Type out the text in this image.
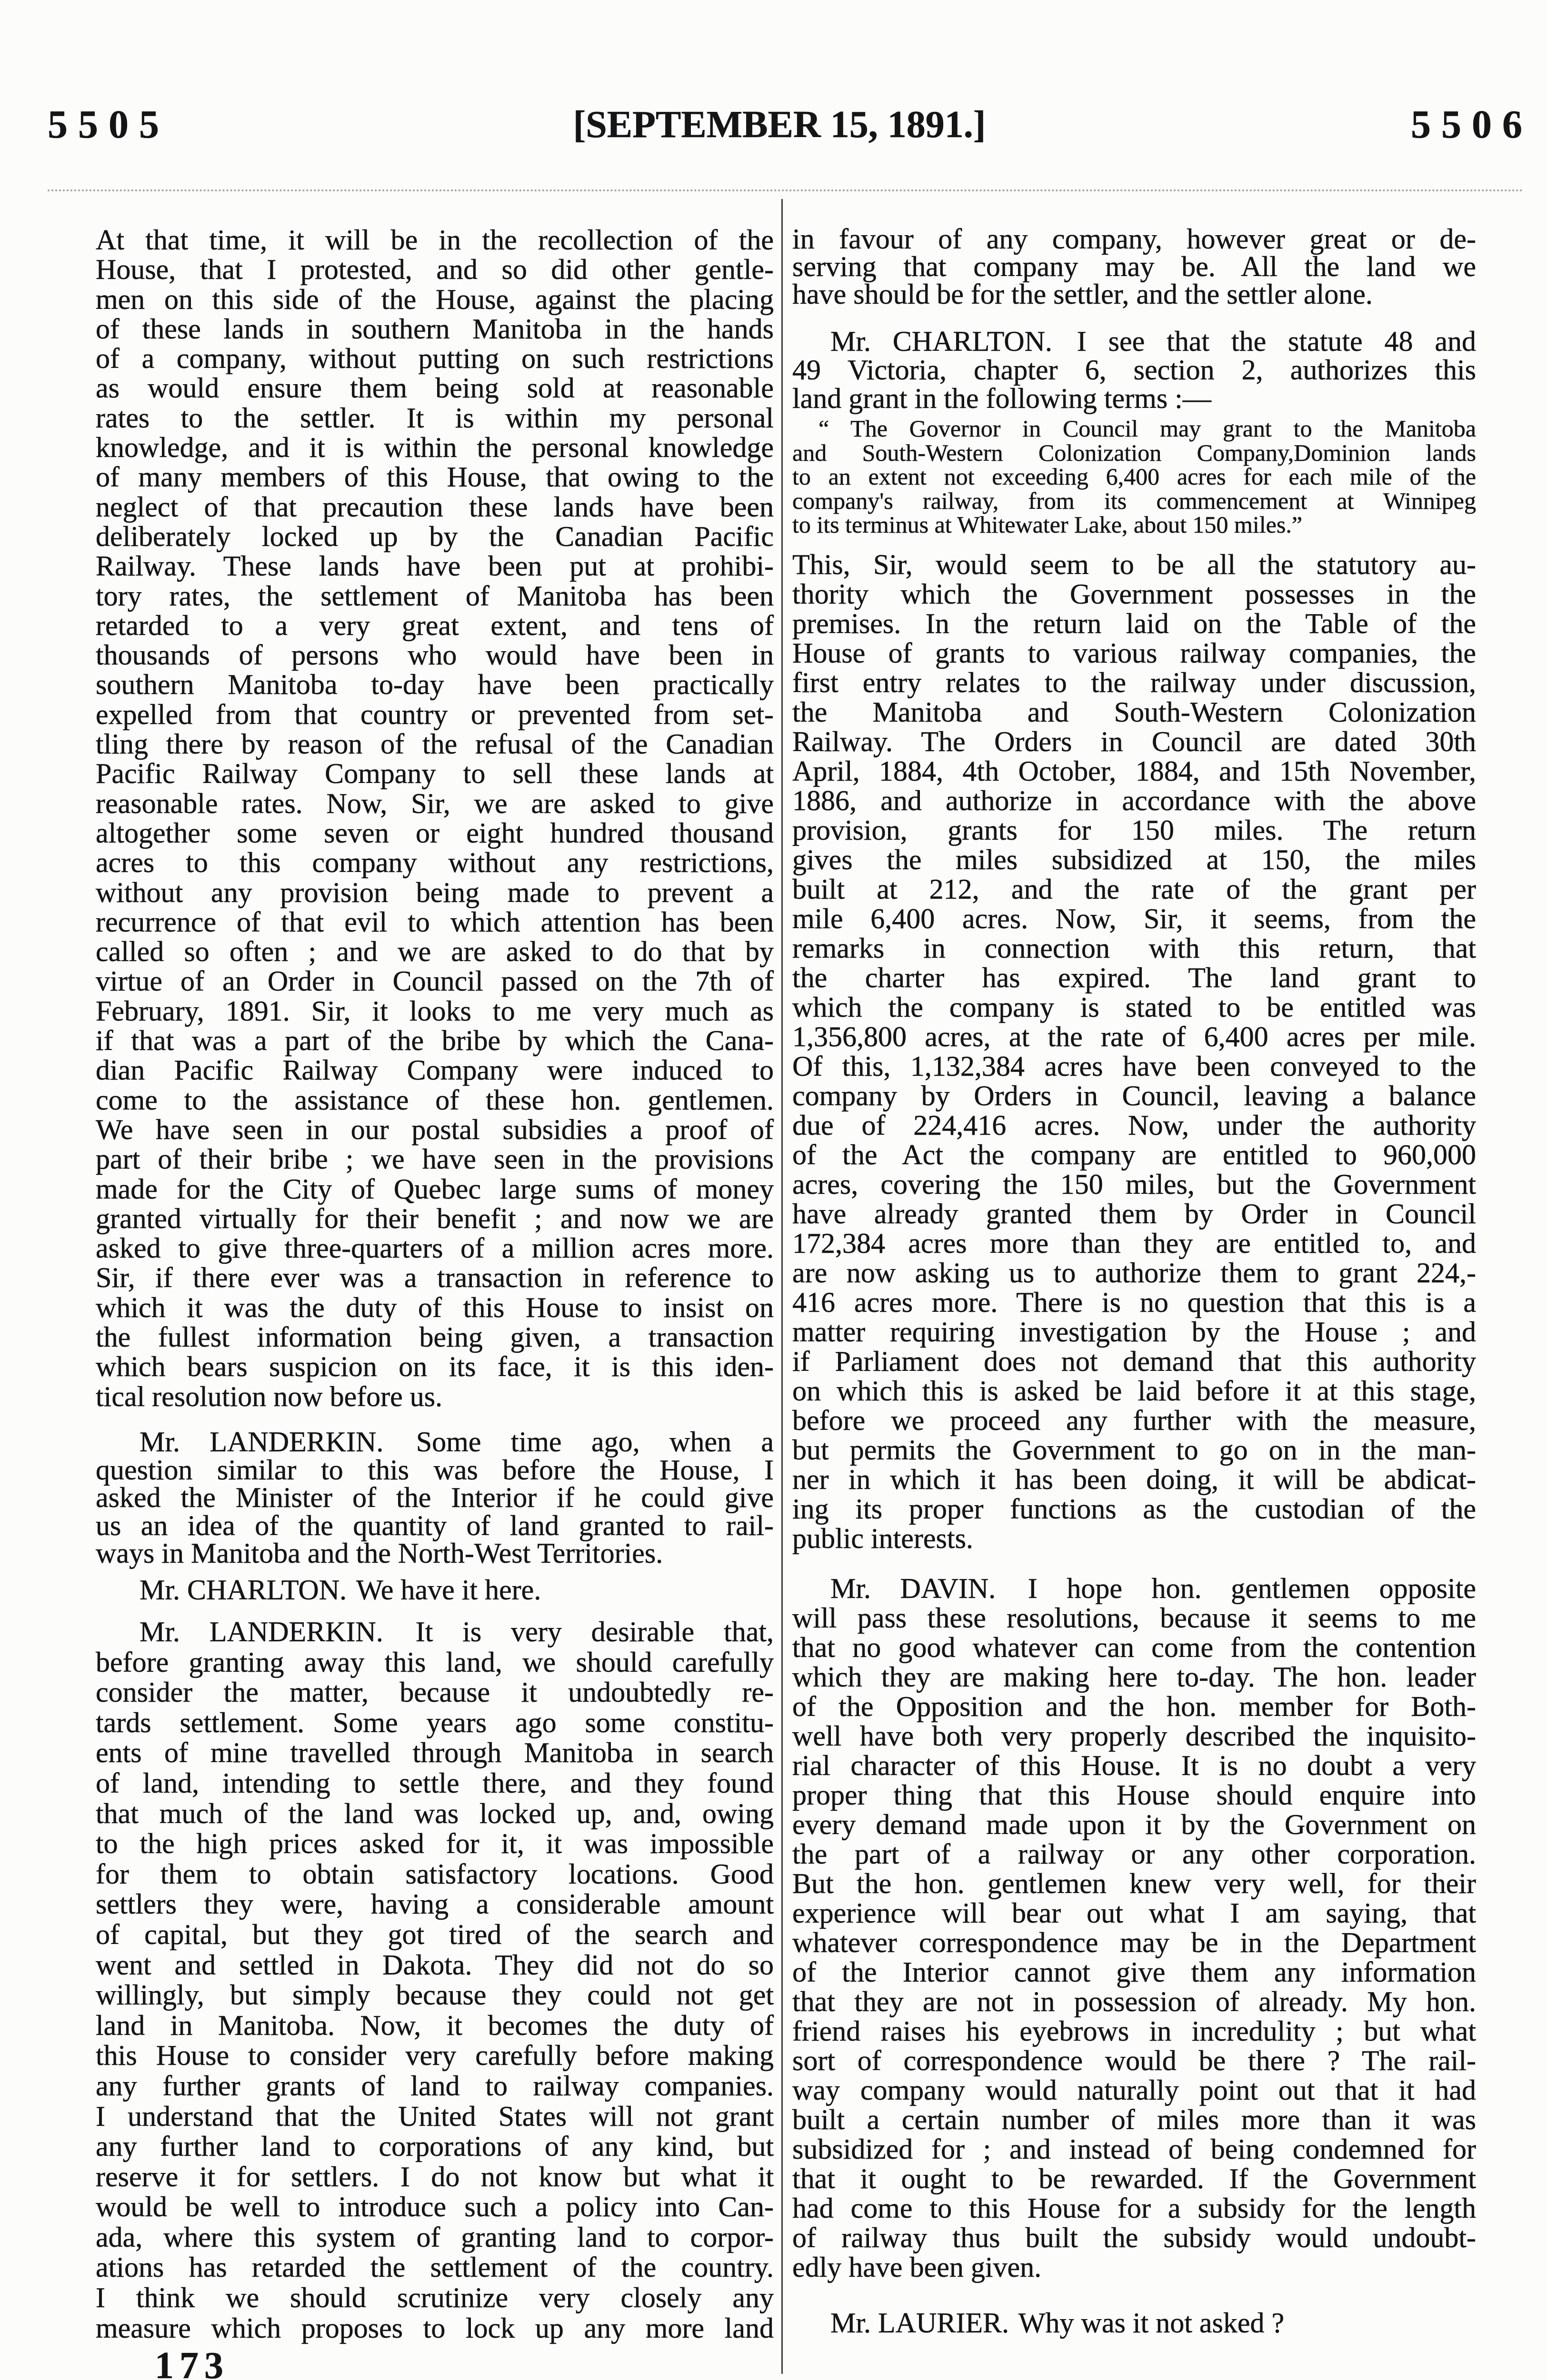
5505	[SEPTEMBER 15, 1891.]	5506
At that time, it will be in the recollection of the
House, that I protested, and so did other gentle-
men on this side of the House, against the placing
of these lands in southern Manitoba in the hands
of a company, without putting on such restrictions
as would ensure them being sold at reasonable
rates to the settler. It is within my personal
knowledge, and it is within the personal knowledge
of many members of this House, that owing to the
neglect of that precaution these lands have been
deliberately locked up by the Canadian Pacific
Railway. These lands have been put at prohibi-
tory rates, the settlement of Manitoba has been
retarded to a very great extent, and tens of
thousands of persons who would have been in
southern Manitoba to-day have been practically
expelled from that country or prevented from set-
tling there by reason of the refusal of the Canadian
Pacific Railway Company to sell these lands at
reasonable rates. Now, Sir, we are asked to give
altogether some seven or eight hundred thousand
acres to this company without any restrictions,
without any provision being made to prevent a
recurrence of that evil to which attention has been
called so often ; and we are asked to do that by
virtue of an Order in Council passed on the 7th of
February, 1891. Sir, it looks to me very much as
if that was a part of the bribe by which the Cana-
dian Pacific Railway Company were induced to
come to the assistance of these hon. gentlemen.
We have seen in our postal subsidies a proof of
part of their bribe ; we have seen in the provisions
made for the City of Quebec large sums of money
granted virtually for their benefit ; and now we are
asked to give three-quarters of a million acres more.
Sir, if there ever was a transaction in reference to
which it was the duty of this House to insist on
the fullest information being given, a transaction
which bears suspicion on its face, it is this iden-
tical resolution now before us.
Mr. LANDERKIN. Some time ago, when a
question similar to this was before the House, I
asked the Minister of the Interior if he could give
us an idea of the quantity of land granted to rail-
ways in Manitoba and the North-West Territories.
Mr. CHARLTON. We have it here.
Mr. LANDERKIN. It is very desirable that,
before granting away this land, we should carefully
consider the matter, because it undoubtedly re-
tards settlement. Some years ago some constitu-
ents of mine travelled through Manitoba in search
of land, intending to settle there, and they found
that much of the land was locked up, and, owing
to the high prices asked for it, it was impossible
for them to obtain satisfactory locations. Good
settlers they were, having a considerable amount
of capital, but they got tired of the search and
went and settled in Dakota. They did not do so
willingly, but simply because they could not get
land in Manitoba. Now, it becomes the duty of
this House to consider very carefully before making
any further grants of land to railway companies.
I understand that the United States will not grant
any further land to corporations of any kind, but
reserve it for settlers. I do not know but what it
would be well to introduce such a policy into Can-
ada, where this system of granting land to corpor-
ations has retarded the settlement of the country.
I think we should scrutinize very closely any
measure which proposes to lock up any more land
in favour of any company, however great or de-
serving that company may be. All the land we
have should be for the settler, and the settler alone.
Mr. CHARLTON. I see that the statute 48 and
49 Victoria, chapter 6, section 2, authorizes this
land grant in the following terms :—
“ The Governor in Council may grant to the Manitoba
and South-Western Colonization Company,Dominion lands
to an extent not exceeding 6,400 acres for each mile of the
company's railway, from its commencement at Winnipeg
to its terminus at Whitewater Lake, about 150 miles.”
This, Sir, would seem to be all the statutory au-
thority which the Government possesses in the
premises. In the return laid on the Table of the
House of grants to various railway companies, the
first entry relates to the railway under discussion,
the Manitoba and South-Western Colonization
Railway. The Orders in Council are dated 30th
April, 1884, 4th October, 1884, and 15th November,
1886, and authorize in accordance with the above
provision, grants for 150 miles. The return
gives the miles subsidized at 150, the miles
built at 212, and the rate of the grant per
mile 6,400 acres. Now, Sir, it seems, from the
remarks in connection with this return, that
the charter has expired. The land grant to
which the company is stated to be entitled was
1,356,800 acres, at the rate of 6,400 acres per mile.
Of this, 1,132,384 acres have been conveyed to the
company by Orders in Council, leaving a balance
due of 224,416 acres. Now, under the authority
of the Act the company are entitled to 960,000
acres, covering the 150 miles, but the Government
have already granted them by Order in Council
172,384 acres more than they are entitled to, and
are now asking us to authorize them to grant 224,-
416 acres more. There is no question that this is a
matter requiring investigation by the House ; and
if Parliament does not demand that this authority
on which this is asked be laid before it at this stage,
before we proceed any further with the measure,
but permits the Government to go on in the man-
ner in which it has been doing, it will be abdicat-
ing its proper functions as the custodian of the
public interests.
Mr. DAVIN. I hope hon. gentlemen opposite
will pass these resolutions, because it seems to me
that no good whatever can come from the contention
which they are making here to-day. The hon. leader
of the Opposition and the hon. member for Both-
well have both very properly described the inquisito-
rial character of this House. It is no doubt a very
proper thing that this House should enquire into
every demand made upon it by the Government on
the part of a railway or any other corporation.
But the hon. gentlemen knew very well, for their
experience will bear out what I am saying, that
whatever correspondence may be in the Department
of the Interior cannot give them any information
that they are not in possession of already. My hon.
friend raises his eyebrows in incredulity ; but what
sort of correspondence would be there ? The rail-
way company would naturally point out that it had
built a certain number of miles more than it was
subsidized for ; and instead of being condemned for
that it ought to be rewarded. If the Government
had come to this House for a subsidy for the length
of railway thus built the subsidy would undoubt-
edly have been given.
Mr. LAURIER. Why was it not asked ?
173
